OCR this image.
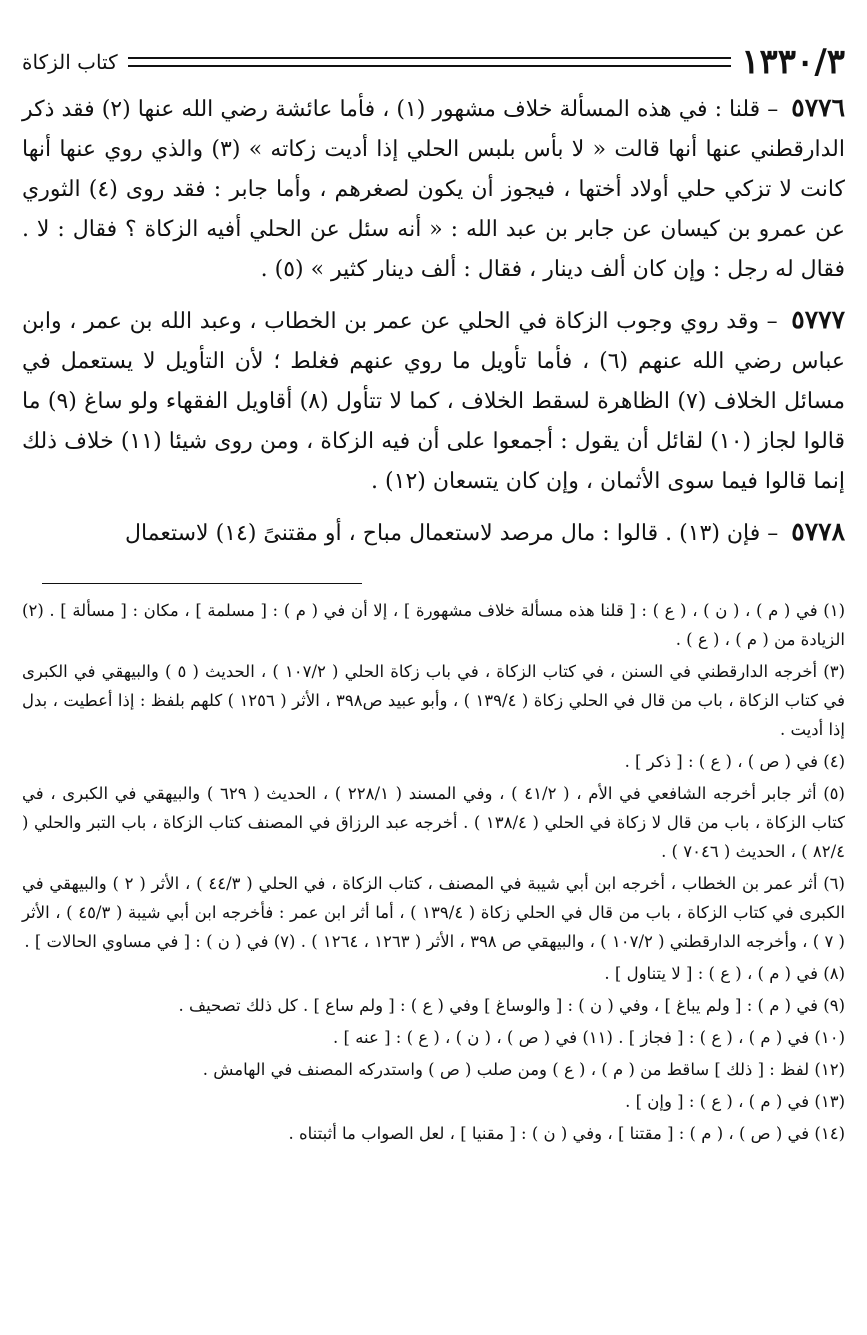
١٣٣٠/٣
كتاب الزكاة

٥٧٧٦ – قلنا : في هذه المسألة خلاف مشهور (١) ، فأما عائشة رضي الله عنها (٢) فقد ذكر الدارقطني عنها أنها قالت « لا بأس بلبس الحلي إذا أديت زكاته » (٣) والذي روي عنها أنها كانت لا تزكي حلي أولاد أختها ، فيجوز أن يكون لصغرهم ، وأما جابر : فقد روى (٤) الثوري عن عمرو بن كيسان عن جابر بن عبد الله : « أنه سئل عن الحلي أفيه الزكاة ؟ فقال : لا . فقال له رجل : وإن كان ألف دينار ، فقال : ألف دينار كثير » (٥) .

٥٧٧٧ – وقد روي وجوب الزكاة في الحلي عن عمر بن الخطاب ، وعبد الله بن عمر ، وابن عباس رضي الله عنهم (٦) ، فأما تأويل ما روي عنهم فغلط ؛ لأن التأويل لا يستعمل في مسائل الخلاف (٧) الظاهرة لسقط الخلاف ، كما لا تتأول (٨) أقاويل الفقهاء ولو ساغ (٩) ما قالوا لجاز (١٠) لقائل أن يقول : أجمعوا على أن فيه الزكاة ، ومن روى شيئا (١١) خلاف ذلك إنما قالوا فيما سوى الأثمان ، وإن كان يتسعان (١٢) .

٥٧٧٨ – فإن (١٣) . قالوا : مال مرصد لاستعمال مباح ، أو مقتنىً (١٤) لاستعمال

(١) في ( م ) ، ( ن ) ، ( ع ) : [ قلنا هذه مسألة خلاف مشهورة ] ، إلا أن في ( م ) : [ مسلمة ] ، مكان : [ مسألة ] . (٢) الزيادة من ( م ) ، ( ع ) .

(٣) أخرجه الدارقطني في السنن ، في كتاب الزكاة ، في باب زكاة الحلي ( ١٠٧/٢ ) ، الحديث ( ٥ ) والبيهقي في الكبرى في كتاب الزكاة ، باب من قال في الحلي زكاة ( ١٣٩/٤ ) ، وأبو عبيد ص٣٩٨ ، الأثر ( ١٢٥٦ ) كلهم بلفظ : إذا أعطيت ، بدل إذا أديت .

(٤) في ( ص ) ، ( ع ) : [ ذكر ] .

(٥) أثر جابر أخرجه الشافعي في الأم ، ( ٤١/٢ ) ، وفي المسند ( ٢٢٨/١ ) ، الحديث ( ٦٢٩ ) والبيهقي في الكبرى ، في كتاب الزكاة ، باب من قال لا زكاة في الحلي ( ١٣٨/٤ ) . أخرجه عبد الرزاق في المصنف كتاب الزكاة ، باب التبر والحلي ( ٨٢/٤ ) ، الحديث ( ٧٠٤٦ ) .

(٦) أثر عمر بن الخطاب ، أخرجه ابن أبي شيبة في المصنف ، كتاب الزكاة ، في الحلي ( ٤٤/٣ ) ، الأثر ( ٢ ) والبيهقي في الكبرى في كتاب الزكاة ، باب من قال في الحلي زكاة ( ١٣٩/٤ ) ، أما أثر ابن عمر : فأخرجه ابن أبي شيبة ( ٤٥/٣ ) ، الأثر ( ٧ ) ، وأخرجه الدارقطني ( ١٠٧/٢ ) ، والبيهقي ص ٣٩٨ ، الأثر ( ١٢٦٣ ، ١٢٦٤ ) . (٧) في ( ن ) : [ في مساوي الحالات ] .

(٨) في ( م ) ، ( ع ) : [ لا يتناول ] .

(٩) في ( م ) : [ ولم يباغ ] ، وفي ( ن ) : [ والوساغ ] وفي ( ع ) : [ ولم ساع ] . كل ذلك تصحيف .

(١٠) في ( م ) ، ( ع ) : [ فجاز ] . (١١) في ( ص ) ، ( ن ) ، ( ع ) : [ عنه ] .

(١٢) لفظ : [ ذلك ] ساقط من ( م ) ، ( ع ) ومن صلب ( ص ) واستدركه المصنف في الهامش .

(١٣) في ( م ) ، ( ع ) : [ وإن ] .

(١٤) في ( ص ) ، ( م ) : [ مقتنا ] ، وفي ( ن ) : [ مقنيا ] ، لعل الصواب ما أثبتناه .
